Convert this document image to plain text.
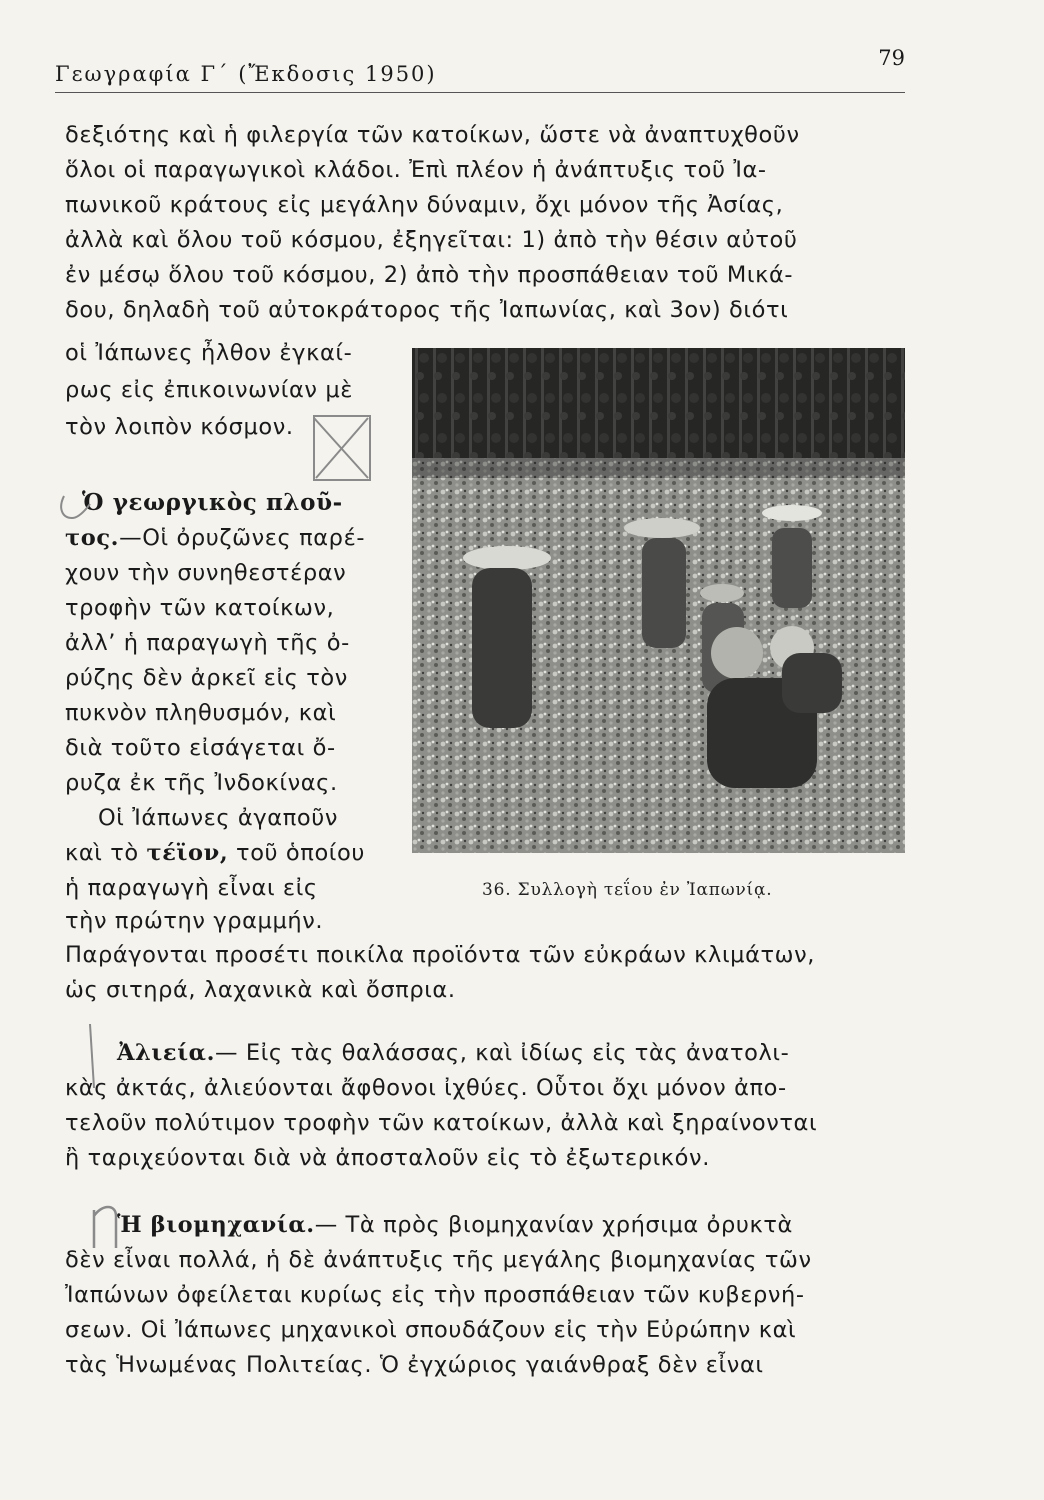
Γεωγραφία Γ΄ (Ἔκδοσις 1950)
79
δεξιότης καὶ ἡ φιλεργία τῶν κατοίκων, ὥστε νὰ ἀναπτυχθοῦν
ὅλοι οἱ παραγωγικοὶ κλάδοι. Ἐπὶ πλέον ἡ ἀνάπτυξις τοῦ Ἰα-
πωνικοῦ κράτους εἰς μεγάλην δύναμιν, ὄχι μόνον τῆς Ἀσίας,
ἀλλὰ καὶ ὅλου τοῦ κόσμου, ἐξηγεῖται: 1) ἀπὸ τὴν θέσιν αὐτοῦ
ἐν μέσῳ ὅλου τοῦ κόσμου, 2) ἀπὸ τὴν προσπάθειαν τοῦ Μικά-
δου, δηλαδὴ τοῦ αὐτοκράτορος τῆς Ἰαπωνίας, καὶ 3ον) διότι
οἱ Ἰάπωνες ἦλθον ἐγκαί-
ρως εἰς ἐπικοινωνίαν μὲ
τὸν λοιπὸν κόσμον.
Ὁ γεωργικὸς πλοῦ-
τος.—Οἱ ὀρυζῶνες παρέ-
χουν τὴν συνηθεστέραν
τροφὴν τῶν κατοίκων,
ἀλλ’ ἡ παραγωγὴ τῆς ὀ-
ρύζης δὲν ἀρκεῖ εἰς τὸν
πυκνὸν πληθυσμόν, καὶ
διὰ τοῦτο εἰσάγεται ὄ-
ρυζα ἐκ τῆς Ἰνδοκίνας.
Οἱ Ἰάπωνες ἀγαποῦν
καὶ τὸ τέϊον, τοῦ ὁποίου
ἡ παραγωγὴ εἶναι εἰς
τὴν πρώτην γραμμήν.
Παράγονται προσέτι ποικίλα προϊόντα τῶν εὐκράων κλιμάτων,
ὡς σιτηρά, λαχανικὰ καὶ ὄσπρια.
36. Συλλογὴ τεΐου ἐν Ἰαπωνίᾳ.
Ἀλιεία.— Εἰς τὰς θαλάσσας, καὶ ἰδίως εἰς τὰς ἀνατολι-
κὰς ἀκτάς, ἀλιεύονται ἄφθονοι ἰχθύες. Οὗτοι ὄχι μόνον ἀπο-
τελοῦν πολύτιμον τροφὴν τῶν κατοίκων, ἀλλὰ καὶ ξηραίνονται
ἢ ταριχεύονται διὰ νὰ ἀποσταλοῦν εἰς τὸ ἐξωτερικόν.
Ἡ βιομηχανία.— Τὰ πρὸς βιομηχανίαν χρήσιμα ὀρυκτὰ
δὲν εἶναι πολλά, ἡ δὲ ἀνάπτυξις τῆς μεγάλης βιομηχανίας τῶν
Ἰαπώνων ὀφείλεται κυρίως εἰς τὴν προσπάθειαν τῶν κυβερνή-
σεων. Οἱ Ἰάπωνες μηχανικοὶ σπουδάζουν εἰς τὴν Εὐρώπην καὶ
τὰς Ἡνωμένας Πολιτείας. Ὁ ἐγχώριος γαιάνθραξ δὲν εἶναι
